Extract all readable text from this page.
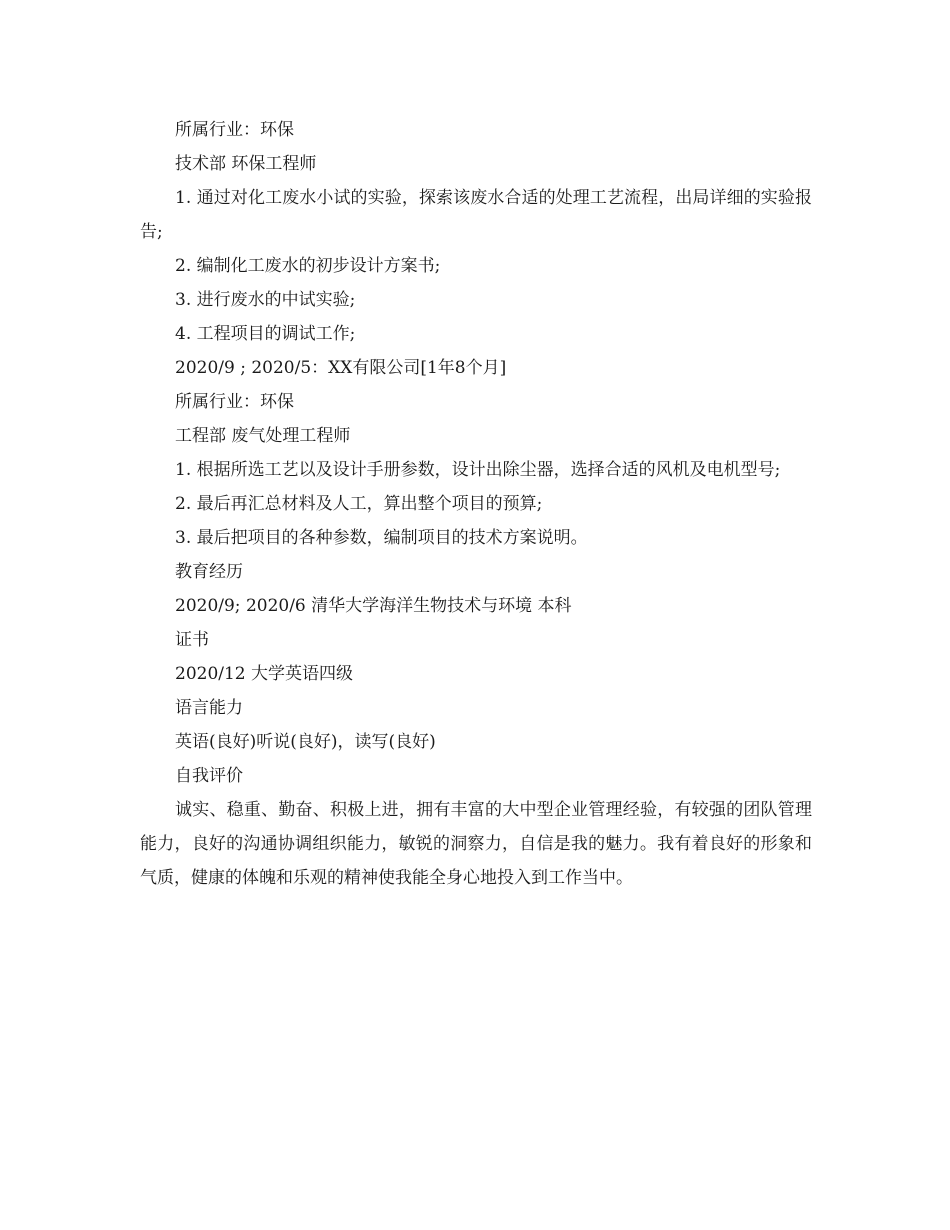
所属行业：环保

技术部 环保工程师

1. 通过对化工废水小试的实验，探索该废水合适的处理工艺流程，出局详细的实验报告;

2. 编制化工废水的初步设计方案书;

3. 进行废水的中试实验;

4. 工程项目的调试工作;

2020/9 ; 2020/5：XX有限公司[1年8个月]

所属行业：环保

工程部 废气处理工程师

1. 根据所选工艺以及设计手册参数，设计出除尘器，选择合适的风机及电机型号;

2. 最后再汇总材料及人工，算出整个项目的预算;

3. 最后把项目的各种参数，编制项目的技术方案说明。

教育经历

2020/9; 2020/6 清华大学海洋生物技术与环境 本科

证书

2020/12 大学英语四级

语言能力

英语(良好)听说(良好)，读写(良好)

自我评价

诚实、稳重、勤奋、积极上进，拥有丰富的大中型企业管理经验，有较强的团队管理能力，良好的沟通协调组织能力，敏锐的洞察力，自信是我的魅力。我有着良好的形象和气质，健康的体魄和乐观的精神使我能全身心地投入到工作当中。
